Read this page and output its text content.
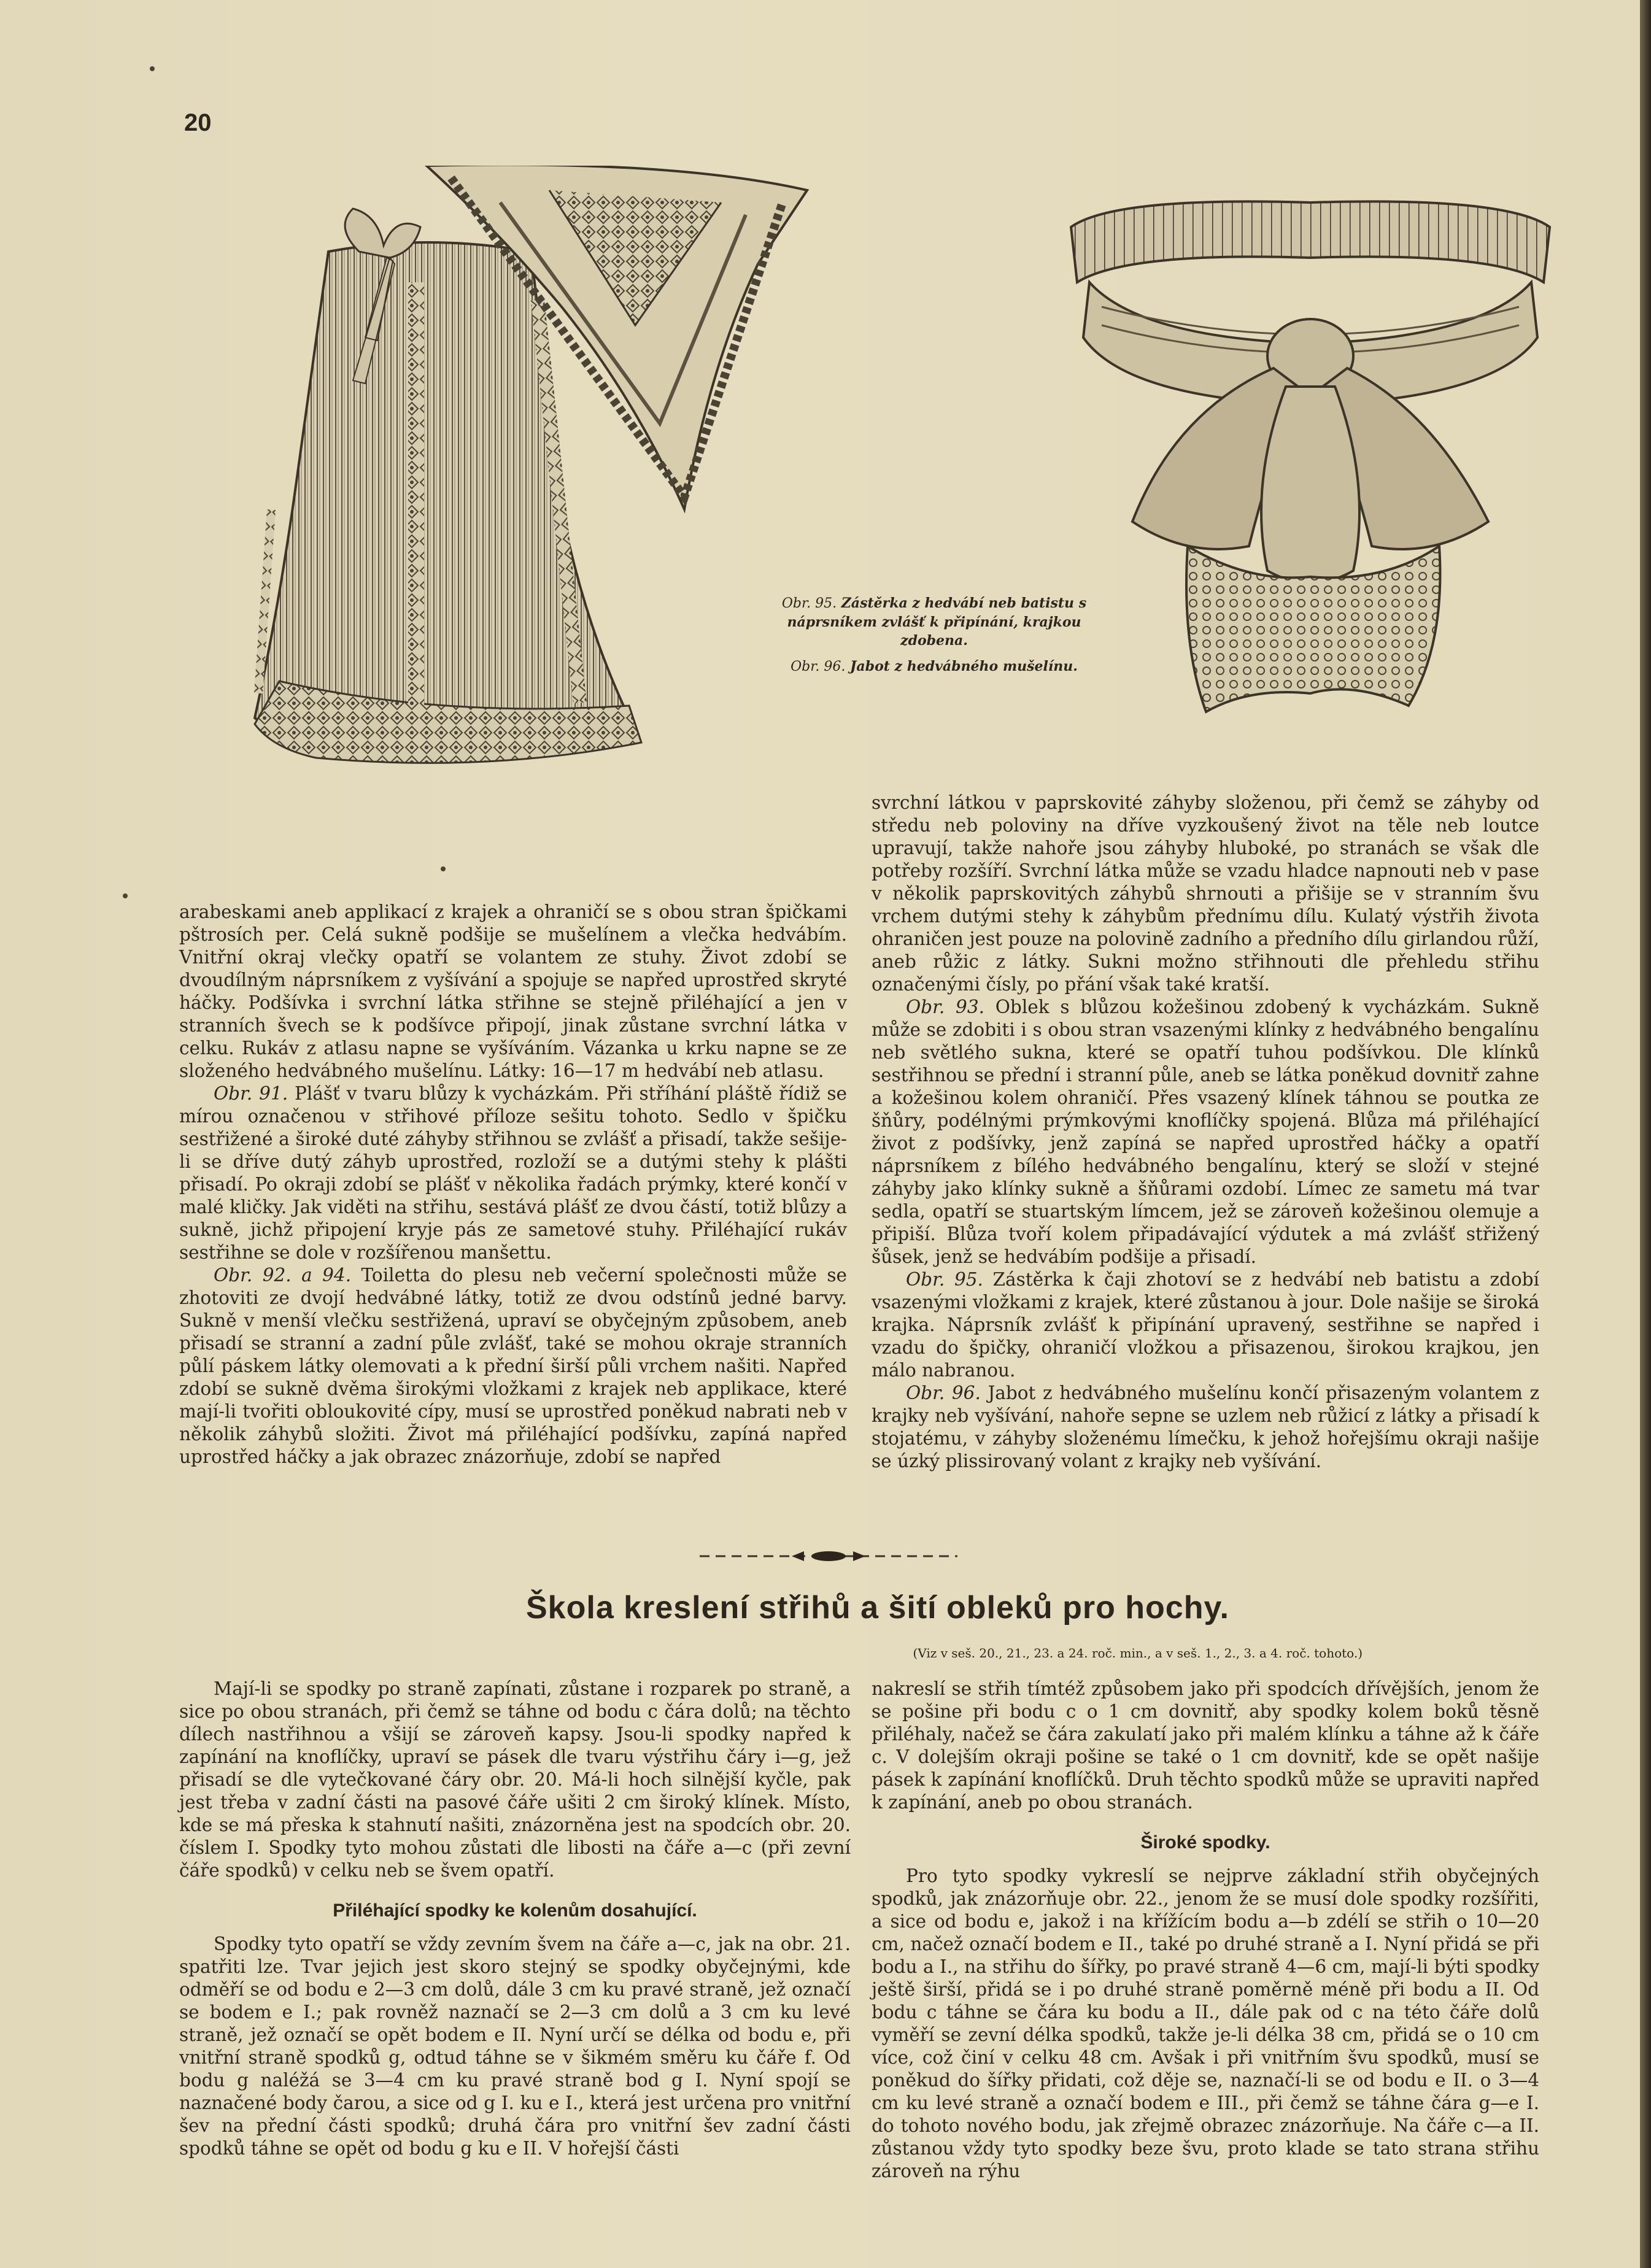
20

Obr. 95. Zástěrka z hedvábí neb batistu s náprsníkem zvlášť k připínání, krajkou zdobena.

Obr. 96. Jabot z hedvábného mušelínu.

arabeskami aneb applikací z krajek a ohraničí se s obou stran špičkami pštrosích per. Celá sukně podšije se mušelínem a vlečka hedvábím. Vnitřní okraj vlečky opatří se volantem ze stuhy. Život zdobí se dvoudílným náprsníkem z vyšívání a spojuje se napřed uprostřed skryté háčky. Podšívka i svrchní látka střihne se stejně přiléhající a jen v stranních švech se k podšívce připojí, jinak zůstane svrchní látka v celku. Rukáv z atlasu napne se vyšíváním. Vázanka u krku napne se ze složeného hedvábného mušelínu. Látky: 16—17 m hedvábí neb atlasu.

Obr. 91. Plášť v tvaru blůzy k vycházkám. Při stříhání pláště řídiž se mírou označenou v střihové příloze sešitu tohoto. Sedlo v špičku sestřižené a široké duté záhyby střihnou se zvlášť a přisadí, takže sešije-li se dříve dutý záhyb uprostřed, rozloží se a dutými stehy k plášti přisadí. Po okraji zdobí se plášť v několika řadách prýmky, které končí v malé kličky. Jak viděti na střihu, sestává plášť ze dvou částí, totiž blůzy a sukně, jichž připojení kryje pás ze sametové stuhy. Přiléhající rukáv sestřihne se dole v rozšířenou manšettu.

Obr. 92. a 94. Toiletta do plesu neb večerní společnosti může se zhotoviti ze dvojí hedvábné látky, totiž ze dvou odstínů jedné barvy. Sukně v menší vlečku sestřižená, upraví se obyčejným způsobem, aneb přisadí se stranní a zadní půle zvlášť, také se mohou okraje stranních půlí páskem látky olemovati a k přední širší půli vrchem našiti. Napřed zdobí se sukně dvěma širokými vložkami z krajek neb applikace, které mají-li tvořiti obloukovité cípy, musí se uprostřed poněkud nabrati neb v několik záhybů složiti. Život má přiléhající podšívku, zapíná napřed uprostřed háčky a jak obrazec znázorňuje, zdobí se napřed

svrchní látkou v paprskovité záhyby složenou, při čemž se záhyby od středu neb poloviny na dříve vyzkoušený život na těle neb loutce upravují, takže nahoře jsou záhyby hluboké, po stranách se však dle potřeby rozšíří. Svrchní látka může se vzadu hladce napnouti neb v pase v několik paprskovitých záhybů shrnouti a přišije se v stranním švu vrchem dutými stehy k záhybům přednímu dílu. Kulatý výstřih života ohraničen jest pouze na polovině zadního a předního dílu girlandou růží, aneb růžic z látky. Sukni možno střihnouti dle přehledu střihu označenými čísly, po přání však také kratší.

Obr. 93. Oblek s blůzou kožešinou zdobený k vycházkám. Sukně může se zdobiti i s obou stran vsazenými klínky z hedvábného bengalínu neb světlého sukna, které se opatří tuhou podšívkou. Dle klínků sestřihnou se přední i stranní půle, aneb se látka poněkud dovnitř zahne a kožešinou kolem ohraničí. Přes vsazený klínek táhnou se poutka ze šňůry, podélnými prýmkovými knoflíčky spojená. Blůza má přiléhající život z podšívky, jenž zapíná se napřed uprostřed háčky a opatří náprsníkem z bílého hedvábného bengalínu, který se složí v stejné záhyby jako klínky sukně a šňůrami ozdobí. Límec ze sametu má tvar sedla, opatří se stuartským límcem, jež se zároveň kožešinou olemuje a připiší. Blůza tvoří kolem připadávající výdutek a má zvlášť střižený šůsek, jenž se hedvábím podšije a přisadí.

Obr. 95. Zástěrka k čaji zhotoví se z hedvábí neb batistu a zdobí vsazenými vložkami z krajek, které zůstanou à jour. Dole našije se široká krajka. Náprsník zvlášť k připínání upravený, sestřihne se napřed i vzadu do špičky, ohraničí vložkou a přisazenou, širokou krajkou, jen málo nabranou.

Obr. 96. Jabot z hedvábného mušelínu končí přisazeným volantem z krajky neb vyšívání, nahoře sepne se uzlem neb růžicí z látky a přisadí k stojatému, v záhyby složenému límečku, k jehož hořejšímu okraji našije se úzký plissirovaný volant z krajky neb vyšívání.

Škola kreslení střihů a šití obleků pro hochy.
(Viz v seš. 20., 21., 23. a 24. roč. min., a v seš. 1., 2., 3. a 4. roč. tohoto.)

Mají-li se spodky po straně zapínati, zůstane i rozparek po straně, a sice po obou stranách, při čemž se táhne od bodu c čára dolů; na těchto dílech nastřihnou a všijí se zároveň kapsy. Jsou-li spodky napřed k zapínání na knoflíčky, upraví se pásek dle tvaru výstřihu čáry i—g, jež přisadí se dle vytečkované čáry obr. 20. Má-li hoch silnější kyčle, pak jest třeba v zadní části na pasové čáře ušiti 2 cm široký klínek. Místo, kde se má přeska k stahnutí našiti, znázorněna jest na spodcích obr. 20. číslem I. Spodky tyto mohou zůstati dle libosti na čáře a—c (při zevní čáře spodků) v celku neb se švem opatří.

Přiléhající spodky ke kolenům dosahující.

Spodky tyto opatří se vždy zevním švem na čáře a—c, jak na obr. 21. spatřiti lze. Tvar jejich jest skoro stejný se spodky obyčejnými, kde odměří se od bodu e 2—3 cm dolů, dále 3 cm ku pravé straně, jež označí se bodem e I.; pak rovněž naznačí se 2—3 cm dolů a 3 cm ku levé straně, jež označí se opět bodem e II. Nyní určí se délka od bodu e, při vnitřní straně spodků g, odtud táhne se v šikmém směru ku čáře f. Od bodu g naléžá se 3—4 cm ku pravé straně bod g I. Nyní spojí se naznačené body čarou, a sice od g I. ku e I., která jest určena pro vnitřní šev na přední části spodků; druhá čára pro vnitřní šev zadní části spodků táhne se opět od bodu g ku e II. V hořejší části

nakreslí se střih tímtéž způsobem jako při spodcích dřívějších, jenom že se pošine při bodu c o 1 cm dovnitř, aby spodky kolem boků těsně přiléhaly, načež se čára zakulatí jako při malém klínku a táhne až k čáře c. V dolejším okraji pošine se také o 1 cm dovnitř, kde se opět našije pásek k zapínání knoflíčků. Druh těchto spodků může se upraviti napřed k zapínání, aneb po obou stranách.

Široké spodky.

Pro tyto spodky vykreslí se nejprve základní střih obyčejných spodků, jak znázorňuje obr. 22., jenom že se musí dole spodky rozšířiti, a sice od bodu e, jakož i na křížícím bodu a—b zdélí se střih o 10—20 cm, načež označí bodem e II., také po druhé straně a I. Nyní přidá se při bodu a I., na střihu do šířky, po pravé straně 4—6 cm, mají-li býti spodky ještě širší, přidá se i po druhé straně poměrně méně při bodu a II. Od bodu c táhne se čára ku bodu a II., dále pak od c na této čáře dolů vyměří se zevní délka spodků, takže je-li délka 38 cm, přidá se o 10 cm více, což činí v celku 48 cm. Avšak i při vnitřním švu spodků, musí se poněkud do šířky přidati, což děje se, naznačí-li se od bodu e II. o 3—4 cm ku levé straně a označí bodem e III., při čemž se táhne čára g—e I. do tohoto nového bodu, jak zřejmě obrazec znázorňuje. Na čáře c—a II. zůstanou vždy tyto spodky beze švu, proto klade se tato strana střihu zároveň na rýhu
